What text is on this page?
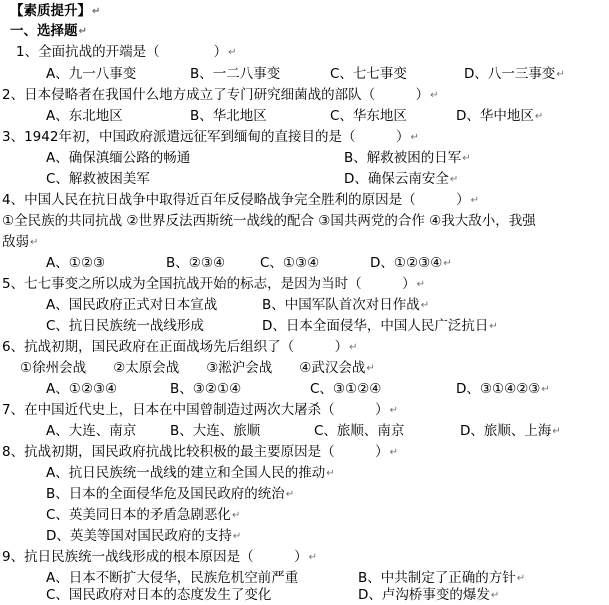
【素质提升】↵
一、选择题↵
1、全面抗战的开端是（　　　　）↵
A、九一八事变	B、一二八事变	C、七七事变	D、八一三事变↵
2、日本侵略者在我国什么地方成立了专门研究细菌战的部队（　　　）↵
A、东北地区	B、华北地区	C、华东地区	D、华中地区↵
3、1942年初，中国政府派遣远征军到缅甸的直接目的是（　　　）↵
A、确保滇缅公路的畅通	B、解救被困的日军↵
C、解救被困美军	D、确保云南安全↵
4、中国人民在抗日战争中取得近百年反侵略战争完全胜利的原因是（　　　）↵
①全民族的共同抗战 ②世界反法西斯统一战线的配合 ③国共两党的合作 ④我大敌小，我强
敌弱↵
A、①②③	B、②③④	C、①③④	D、①②③④↵
5、七七事变之所以成为全国抗战开始的标志，是因为当时（　　　）↵
A、国民政府正式对日本宣战	B、中国军队首次对日作战↵
C、抗日民族统一战线形成	D、日本全面侵华，中国人民广泛抗日↵
6、抗战初期，国民政府在正面战场先后组织了（　　　）↵
①徐州会战　　②太原会战　　③淞沪会战　　④武汉会战↵
A、①②③④	B、③②①④	C、③①②④	D、③①④②③↵
7、在中国近代史上，日本在中国曾制造过两次大屠杀（　　　）↵
A、大连、南京	B、大连、旅顺	C、旅顺、南京	D、旅顺、上海↵
8、抗战初期，国民政府抗战比较积极的最主要原因是（　　　）↵
A、抗日民族统一战线的建立和全国人民的推动↵
B、日本的全面侵华危及国民政府的统治↵
C、英美同日本的矛盾急剧恶化↵
D、英美等国对国民政府的支持↵
9、抗日民族统一战线形成的根本原因是（　　　）↵
A、日本不断扩大侵华，民族危机空前严重	B、中共制定了正确的方针↵
C、国民政府对日本的态度发生了变化	D、卢沟桥事变的爆发↵
